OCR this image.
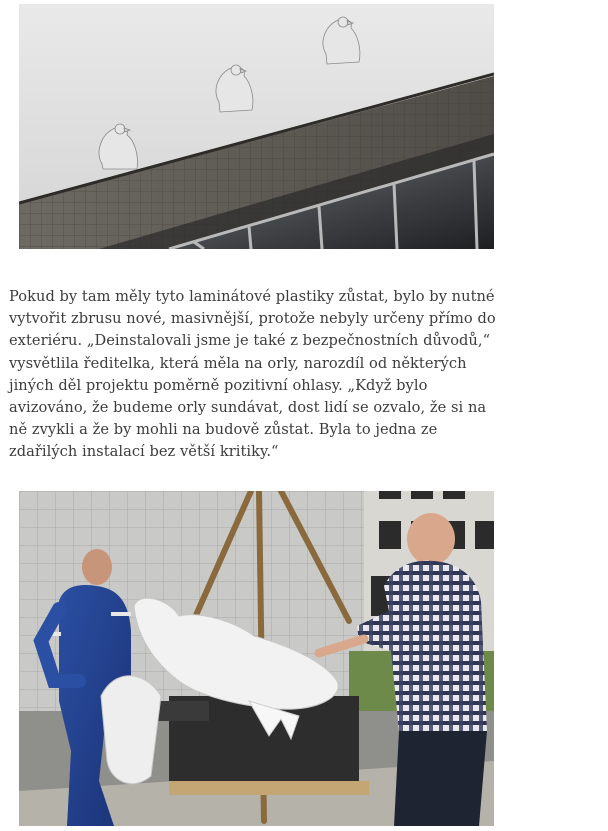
Pokud by tam měly tyto laminátové plastiky zůstat, bylo by nutné
vytvořit zbrusu nové, masivnější, protože nebyly určeny přímo do
exteriéru. „Deinstalovali jsme je také z bezpečnostních důvodů,“
vysvětlila ředitelka, která měla na orly, narozdíl od některých
jiných děl projektu poměrně pozitivní ohlasy. „Když bylo
avizováno, že budeme orly sundávat, dost lidí se ozvalo, že si na
ně zvykli a že by mohli na budově zůstat. Byla to jedna ze
zdařilých instalací bez větší kritiky.“
